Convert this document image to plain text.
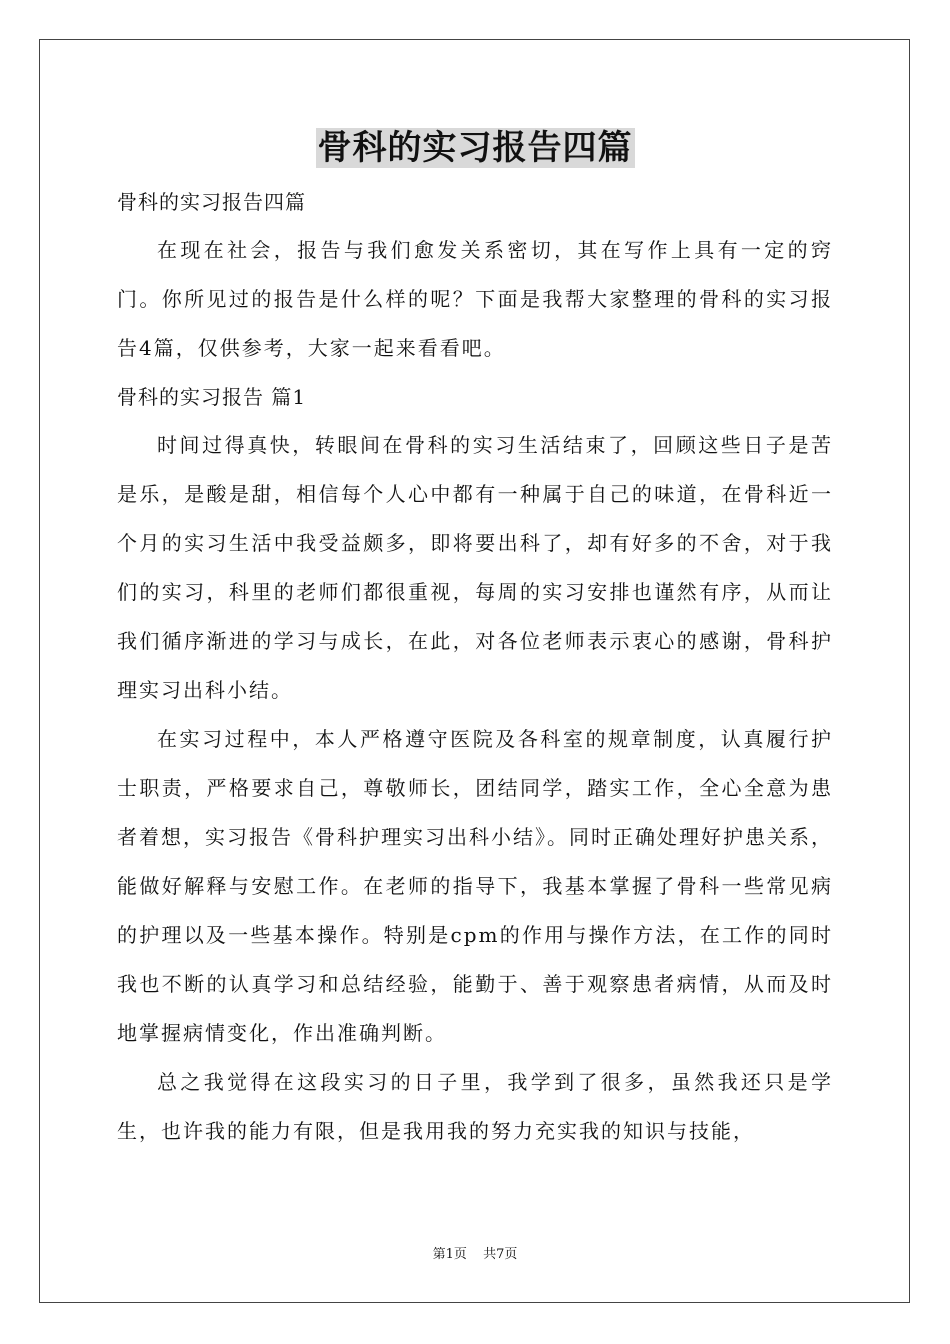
骨科的实习报告四篇

骨科的实习报告四篇

在现在社会，报告与我们愈发关系密切，其在写作上具有一定的窍门。你所见过的报告是什么样的呢？下面是我帮大家整理的骨科的实习报告4篇，仅供参考，大家一起来看看吧。

骨科的实习报告 篇1

时间过得真快，转眼间在骨科的实习生活结束了，回顾这些日子是苦是乐，是酸是甜，相信每个人心中都有一种属于自己的味道，在骨科近一个月的实习生活中我受益颇多，即将要出科了，却有好多的不舍，对于我们的实习，科里的老师们都很重视，每周的实习安排也谨然有序，从而让我们循序渐进的学习与成长，在此，对各位老师表示衷心的感谢，骨科护理实习出科小结。

在实习过程中，本人严格遵守医院及各科室的规章制度，认真履行护士职责，严格要求自己，尊敬师长，团结同学，踏实工作，全心全意为患者着想，实习报告《骨科护理实习出科小结》。同时正确处理好护患关系，能做好解释与安慰工作。在老师的指导下，我基本掌握了骨科一些常见病的护理以及一些基本操作。特别是cpm的作用与操作方法，在工作的同时我也不断的认真学习和总结经验，能勤于、善于观察患者病情，从而及时地掌握病情变化，作出准确判断。

总之我觉得在这段实习的日子里，我学到了很多，虽然我还只是学生，也许我的能力有限，但是我用我的努力充实我的知识与技能，

第1页 共7页
